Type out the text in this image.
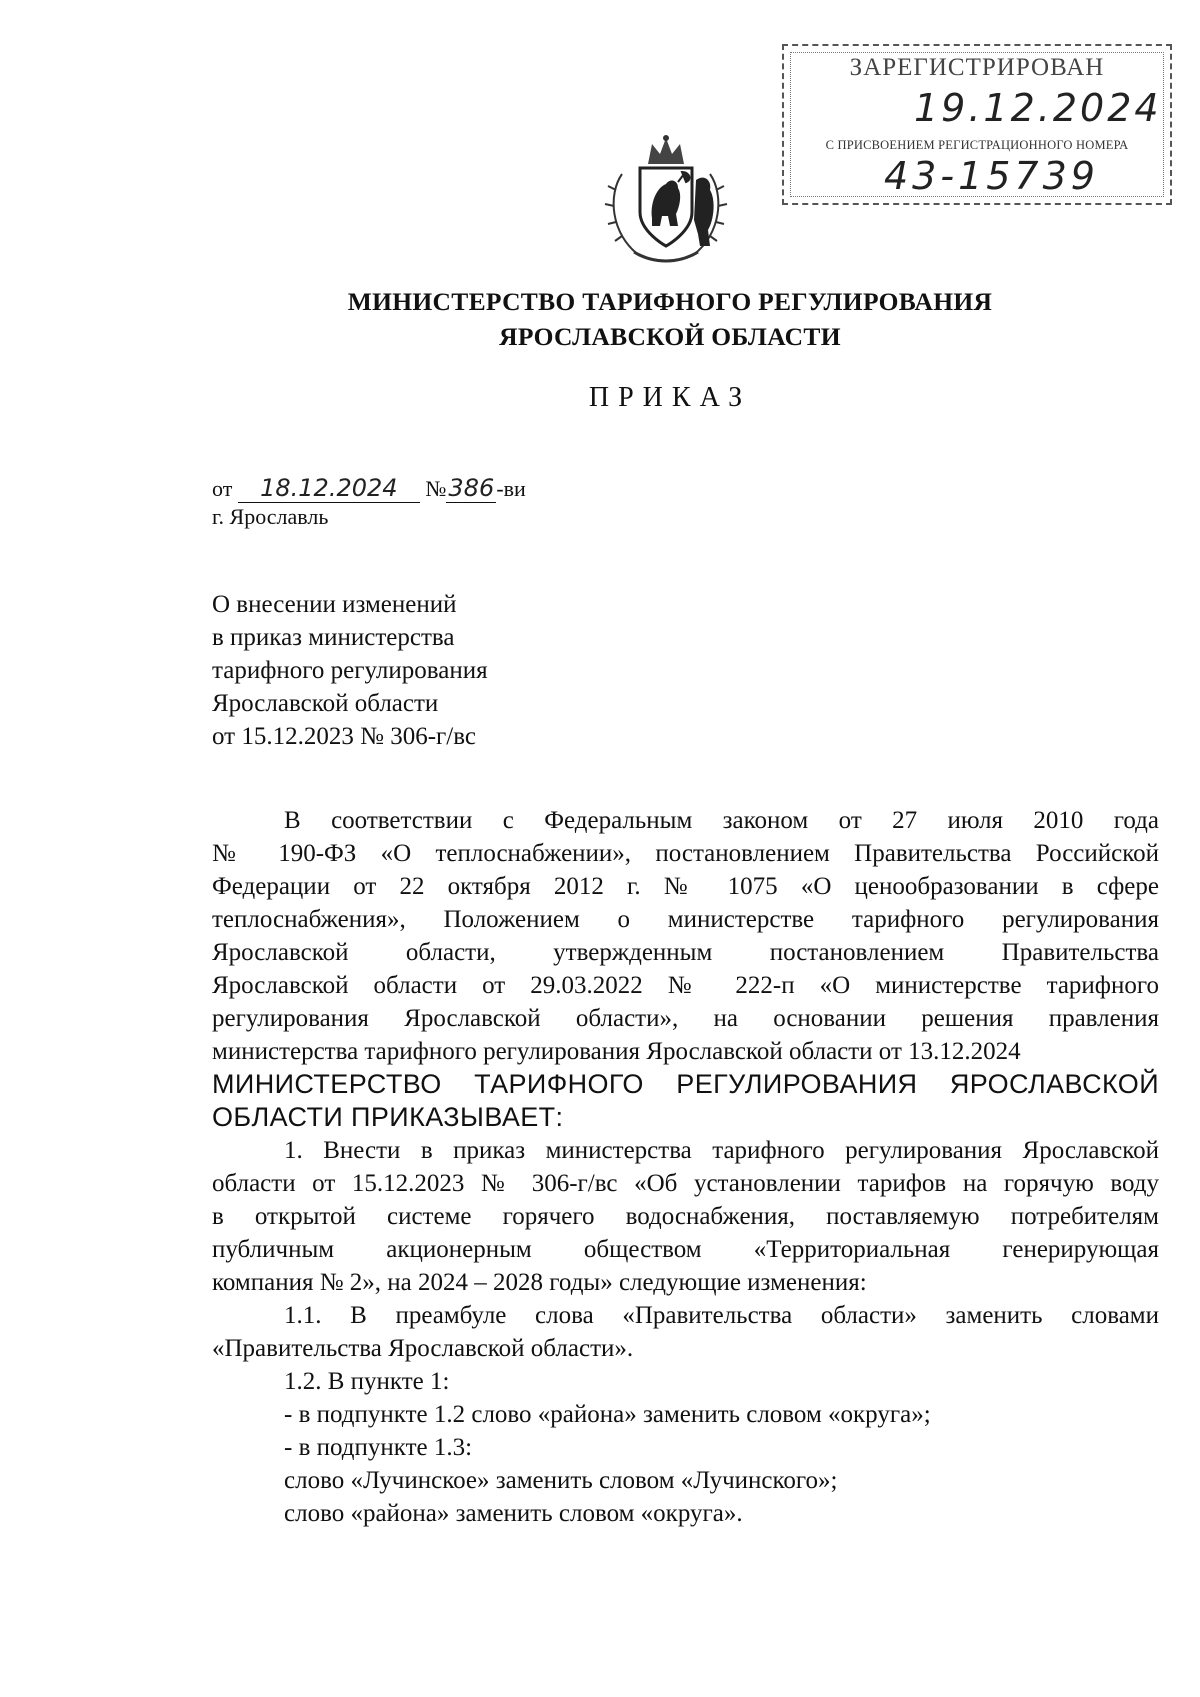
ЗАРЕГИСТРИРОВАН
19.12.2024
С ПРИСВОЕНИЕМ РЕГИСТРАЦИОННОГО НОМЕРА
43-15739
МИНИСТЕРСТВО ТАРИФНОГО РЕГУЛИРОВАНИЯ
ЯРОСЛАВСКОЙ ОБЛАСТИ
ПРИКАЗ
от 18.12.2024 №386-ви
г. Ярославль
О внесении изменений
в приказ министерства
тарифного регулирования
Ярославской области
от 15.12.2023 № 306-г/вс

В соответствии с Федеральным законом от 27 июля 2010 года

№ 190-ФЗ «О теплоснабжении», постановлением Правительства Российской

Федерации от 22 октября 2012 г. № 1075 «О ценообразовании в сфере

теплоснабжения», Положением о министерстве тарифного регулирования

Ярославской области, утвержденным постановлением Правительства

Ярославской области от 29.03.2022 № 222-п «О министерстве тарифного

регулирования Ярославской области», на основании решения правления

министерства тарифного регулирования Ярославской области от 13.12.2024

МИНИСТЕРСТВО ТАРИФНОГО РЕГУЛИРОВАНИЯ ЯРОСЛАВСКОЙ

ОБЛАСТИ ПРИКАЗЫВАЕТ:

1. Внести в приказ министерства тарифного регулирования Ярославской

области от 15.12.2023 № 306-г/вс «Об установлении тарифов на горячую воду

в открытой системе горячего водоснабжения, поставляемую потребителям

публичным акционерным обществом «Территориальная генерирующая

компания № 2», на 2024 – 2028 годы» следующие изменения:

1.1. В преамбуле слова «Правительства области» заменить словами

«Правительства Ярославской области».

1.2. В пункте 1:

- в подпункте 1.2 слово «района» заменить словом «округа»;

- в подпункте 1.3:

слово «Лучинское» заменить словом «Лучинского»;

слово «района» заменить словом «округа».
